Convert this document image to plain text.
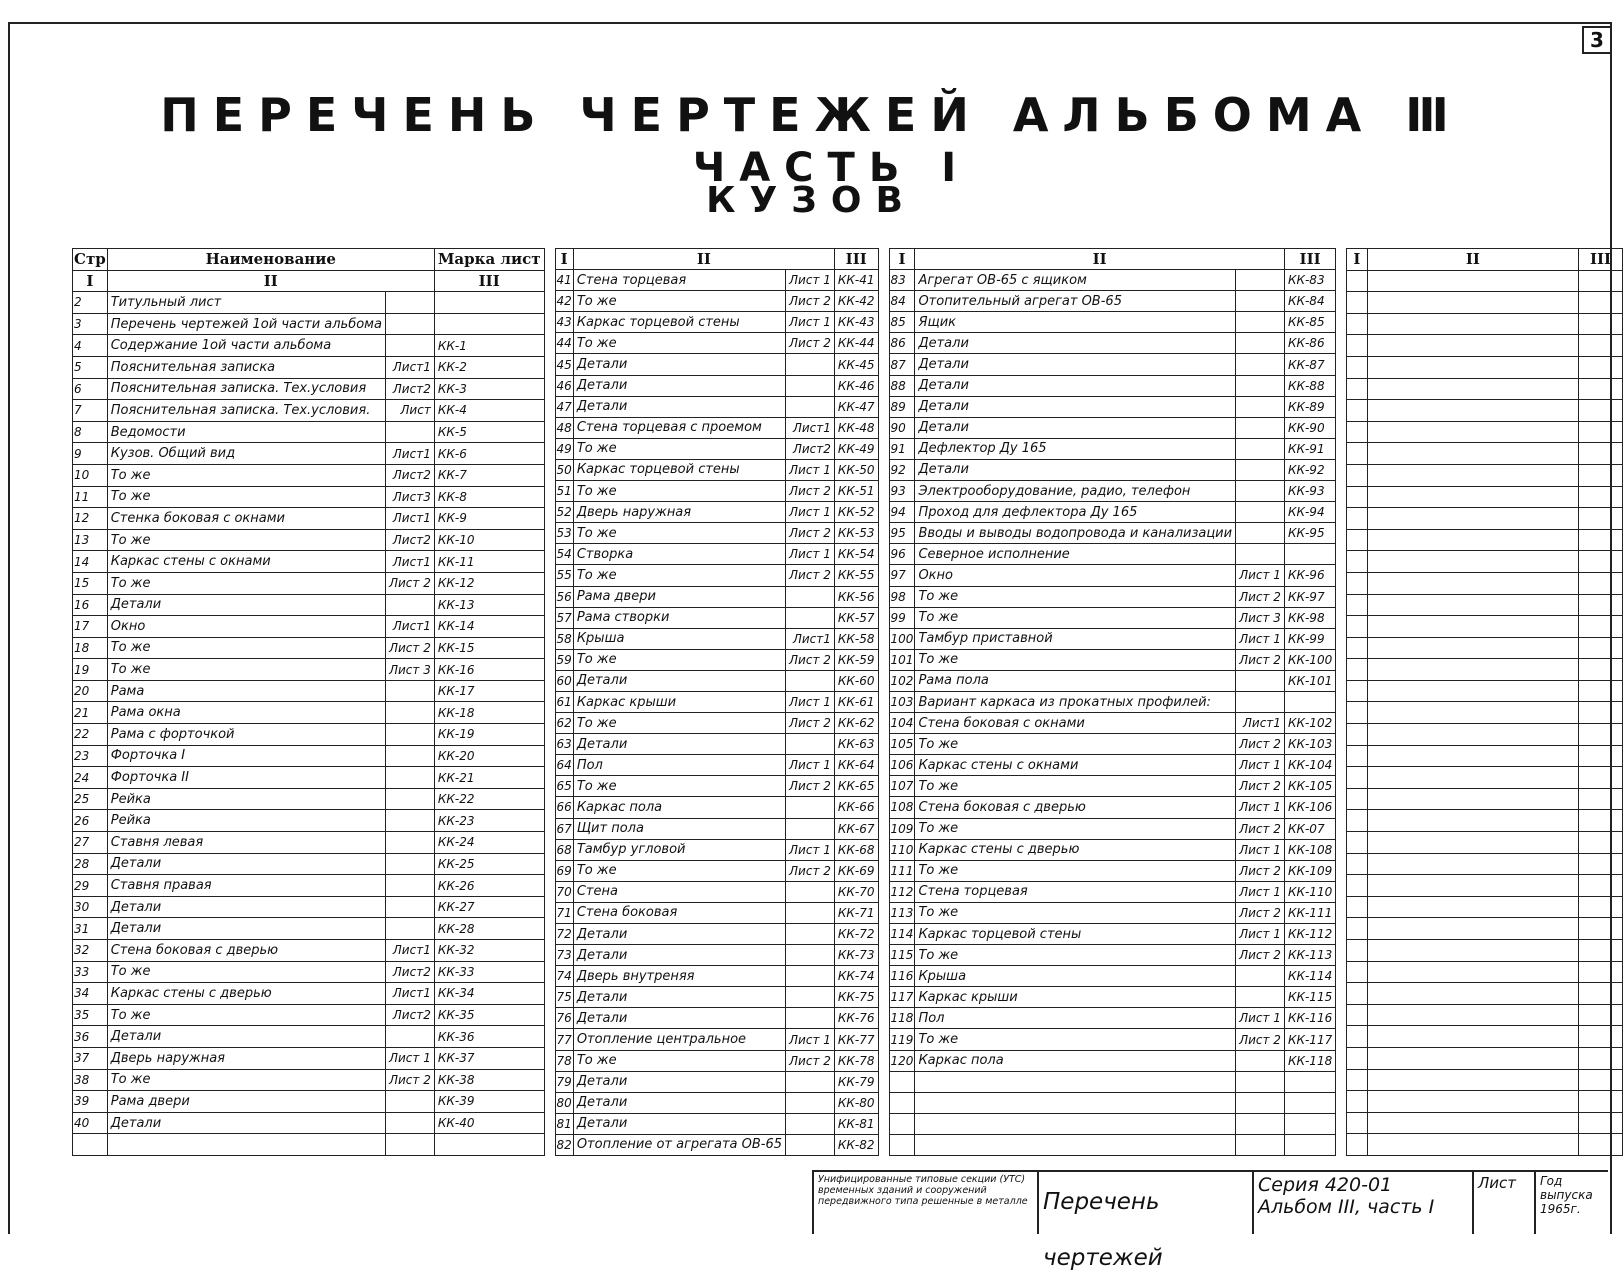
3
ПЕРЕЧЕНЬ ЧЕРТЕЖЕЙ АЛЬБОМА Ⅲ
ЧАСТЬ Ⅰ
КУЗОВ
Стр	Наименование		Марка лист
I	II		III
2	Титульный лист		
3	Перечень чертежей 1ой части альбома		
4	Содержание 1ой части альбома		КК-1
5	Пояснительная записка	Лист1	КК-2
6	Пояснительная записка. Тех.условия	Лист2	КК-3
7	Пояснительная записка. Тех.условия.	Лист	КК-4
8	Ведомости		КК-5
9	Кузов. Общий вид	Лист1	КК-6
10	То же	Лист2	КК-7
11	То же	Лист3	КК-8
12	Стенка боковая с окнами	Лист1	КК-9
13	То же	Лист2	КК-10
14	Каркас стены с окнами	Лист1	КК-11
15	То же	Лист 2	КК-12
16	Детали		КК-13
17	Окно	Лист1	КК-14
18	То же	Лист 2	КК-15
19	То же	Лист 3	КК-16
20	Рама		КК-17
21	Рама окна		КК-18
22	Рама с форточкой		КК-19
23	Форточка I		КК-20
24	Форточка II		КК-21
25	Рейка		КК-22
26	Рейка		КК-23
27	Ставня левая		КК-24
28	Детали		КК-25
29	Ставня правая		КК-26
30	Детали		КК-27
31	Детали		КК-28
32	Стена боковая с дверью	Лист1	КК-32
33	То же	Лист2	КК-33
34	Каркас стены с дверью	Лист1	КК-34
35	То же	Лист2	КК-35
36	Детали		КК-36
37	Дверь наружная	Лист 1	КК-37
38	То же	Лист 2	КК-38
39	Рама двери		КК-39
40	Детали		КК-40

I	II		III
41	Стена торцевая	Лист 1	КК-41
42	То же	Лист 2	КК-42
43	Каркас торцевой стены	Лист 1	КК-43
44	То же	Лист 2	КК-44
45	Детали		КК-45
46	Детали		КК-46
47	Детали		КК-47
48	Стена торцевая с проемом	Лист1	КК-48
49	То же	Лист2	КК-49
50	Каркас торцевой стены	Лист 1	КК-50
51	То же	Лист 2	КК-51
52	Дверь наружная	Лист 1	КК-52
53	То же	Лист 2	КК-53
54	Створка	Лист 1	КК-54
55	То же	Лист 2	КК-55
56	Рама двери		КК-56
57	Рама створки		КК-57
58	Крыша	Лист1	КК-58
59	То же	Лист 2	КК-59
60	Детали		КК-60
61	Каркас крыши	Лист 1	КК-61
62	То же	Лист 2	КК-62
63	Детали		КК-63
64	Пол	Лист 1	КК-64
65	То же	Лист 2	КК-65
66	Каркас пола		КК-66
67	Щит пола		КК-67
68	Тамбур угловой	Лист 1	КК-68
69	То же	Лист 2	КК-69
70	Стена		КК-70
71	Стена боковая		КК-71
72	Детали		КК-72
73	Детали		КК-73
74	Дверь внутреняя		КК-74
75	Детали		КК-75
76	Детали		КК-76
77	Отопление центральное	Лист 1	КК-77
78	То же	Лист 2	КК-78
79	Детали		КК-79
80	Детали		КК-80
81	Детали		КК-81
82	Отопление от агрегата ОВ-65		КК-82
I	II		III
83	Агрегат ОВ-65 с ящиком		КК-83
84	Отопительный агрегат ОВ-65		КК-84
85	Ящик		КК-85
86	Детали		КК-86
87	Детали		КК-87
88	Детали		КК-88
89	Детали		КК-89
90	Детали		КК-90
91	Дефлектор Ду 165		КК-91
92	Детали		КК-92
93	Электрооборудование, радио, телефон		КК-93
94	Проход для дефлектора Ду 165		КК-94
95	Вводы и выводы водопровода и канализации		КК-95
96	Северное исполнение		
97	Окно	Лист 1	КК-96
98	То же	Лист 2	КК-97
99	То же	Лист 3	КК-98
100	Тамбур приставной	Лист 1	КК-99
101	То же	Лист 2	КК-100
102	Рама пола		КК-101
103	Вариант каркаса из прокатных профилей:		
104	Стена боковая с окнами	Лист1	КК-102
105	То же	Лист 2	КК-103
106	Каркас стены с окнами	Лист 1	КК-104
107	То же	Лист 2	КК-105
108	Стена боковая с дверью	Лист 1	КК-106
109	То же	Лист 2	КК-07
110	Каркас стены с дверью	Лист 1	КК-108
111	То же	Лист 2	КК-109
112	Стена торцевая	Лист 1	КК-110
113	То же	Лист 2	КК-111
114	Каркас торцевой стены	Лист 1	КК-112
115	То же	Лист 2	КК-113
116	Крыша		КК-114
117	Каркас крыши		КК-115
118	Пол	Лист 1	КК-116
119	То же	Лист 2	КК-117
120	Каркас пола		КК-118

I	II	III

Унифицированные типовые секции (УТС) временных зданий и сооружений передвижного типа решенные в металле Перечень чертежей
Серия 420-01
Альбом III, часть I
Лист	Год выпуска
1965г.
